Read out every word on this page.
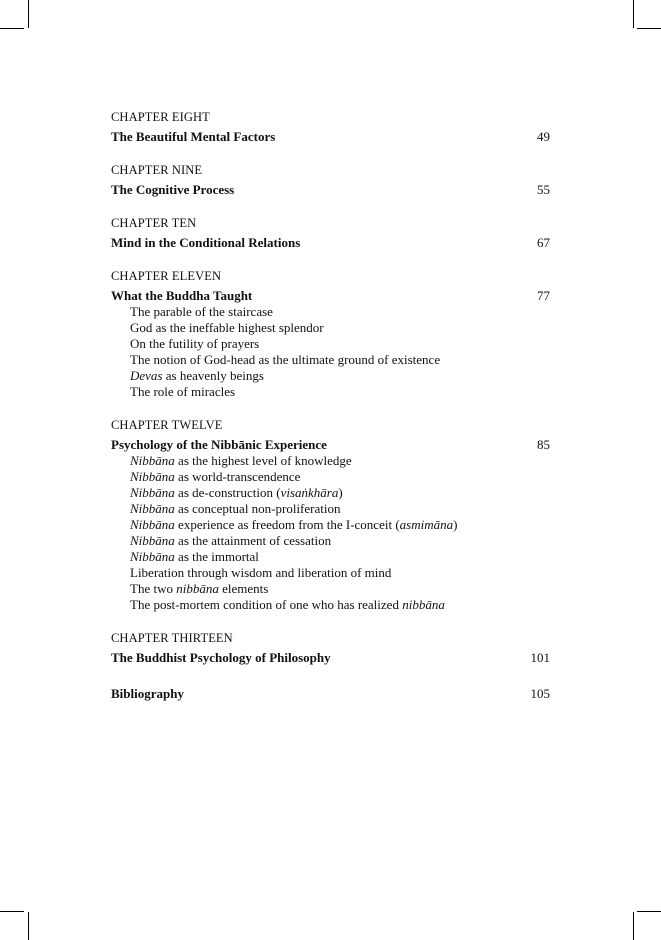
CHAPTER EIGHT
The Beautiful Mental Factors	49
CHAPTER NINE
The Cognitive Process	55
CHAPTER TEN
Mind in the Conditional Relations	67
CHAPTER ELEVEN
What the Buddha Taught	77
The parable of the staircase
God as the ineffable highest splendor
On the futility of prayers
The notion of God-head as the ultimate ground of existence
Devas as heavenly beings
The role of miracles
CHAPTER TWELVE
Psychology of the Nibbānic Experience	85
Nibbāna as the highest level of knowledge
Nibbāna as world-transcendence
Nibbāna as de-construction (visaṅkhāra)
Nibbāna as conceptual non-proliferation
Nibbāna experience as freedom from the I-conceit (asmimāna)
Nibbāna as the attainment of cessation
Nibbāna as the immortal
Liberation through wisdom and liberation of mind
The two nibbāna elements
The post-mortem condition of one who has realized nibbāna
CHAPTER THIRTEEN
The Buddhist Psychology of Philosophy	101
Bibliography	105
